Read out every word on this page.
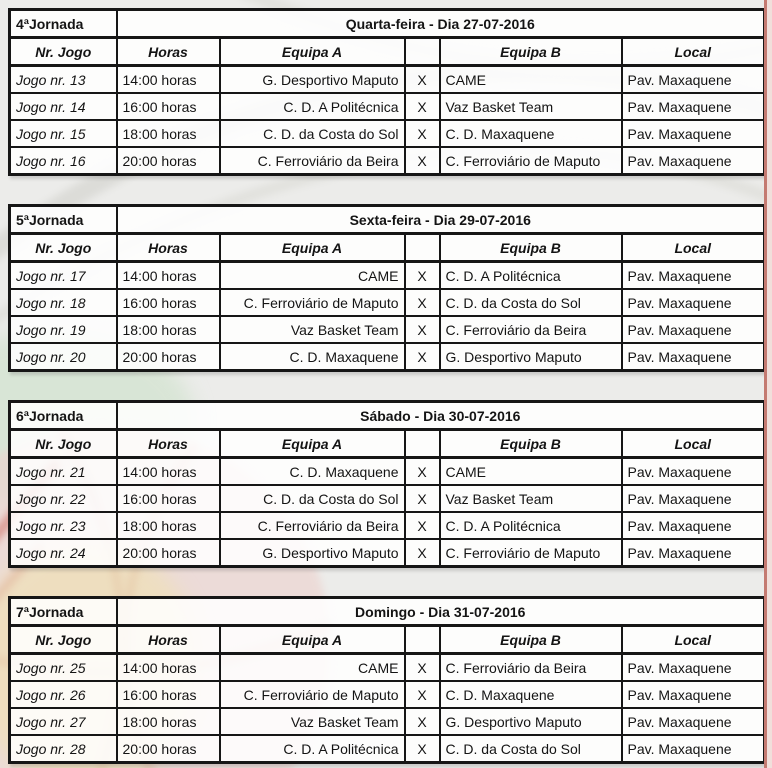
4ªJornada	Quarta-feira - Dia 27-07-2016				
Nr. Jogo	Horas	Equipa A		Equipa B	Local
Jogo nr. 13	14:00 horas	G. Desportivo Maputo	X	CAME	Pav. Maxaquene
Jogo nr. 14	16:00 horas	C. D. A Politécnica	X	Vaz Basket Team	Pav. Maxaquene
Jogo nr. 15	18:00 horas	C. D. da Costa do Sol	X	C. D. Maxaquene	Pav. Maxaquene
Jogo nr. 16	20:00 horas	C. Ferroviário da Beira	X	C. Ferroviário de Maputo	Pav. Maxaquene
5ªJornada	Sexta-feira - Dia 29-07-2016				
Nr. Jogo	Horas	Equipa A		Equipa B	Local
Jogo nr. 17	14:00 horas	CAME	X	C. D. A Politécnica	Pav. Maxaquene
Jogo nr. 18	16:00 horas	C. Ferroviário de Maputo	X	C. D. da Costa do Sol	Pav. Maxaquene
Jogo nr. 19	18:00 horas	Vaz Basket Team	X	C. Ferroviário da Beira	Pav. Maxaquene
Jogo nr. 20	20:00 horas	C. D. Maxaquene	X	G. Desportivo Maputo	Pav. Maxaquene
6ªJornada	Sábado - Dia 30-07-2016				
Nr. Jogo	Horas	Equipa A		Equipa B	Local
Jogo nr. 21	14:00 horas	C. D. Maxaquene	X	CAME	Pav. Maxaquene
Jogo nr. 22	16:00 horas	C. D. da Costa do Sol	X	Vaz Basket Team	Pav. Maxaquene
Jogo nr. 23	18:00 horas	C. Ferroviário da Beira	X	C. D. A Politécnica	Pav. Maxaquene
Jogo nr. 24	20:00 horas	G. Desportivo Maputo	X	C. Ferroviário de Maputo	Pav. Maxaquene
7ªJornada	Domingo - Dia 31-07-2016				
Nr. Jogo	Horas	Equipa A		Equipa B	Local
Jogo nr. 25	14:00 horas	CAME	X	C. Ferroviário da Beira	Pav. Maxaquene
Jogo nr. 26	16:00 horas	C. Ferroviário de Maputo	X	C. D. Maxaquene	Pav. Maxaquene
Jogo nr. 27	18:00 horas	Vaz Basket Team	X	G. Desportivo Maputo	Pav. Maxaquene
Jogo nr. 28	20:00 horas	C. D. A Politécnica	X	C. D. da Costa do Sol	Pav. Maxaquene
